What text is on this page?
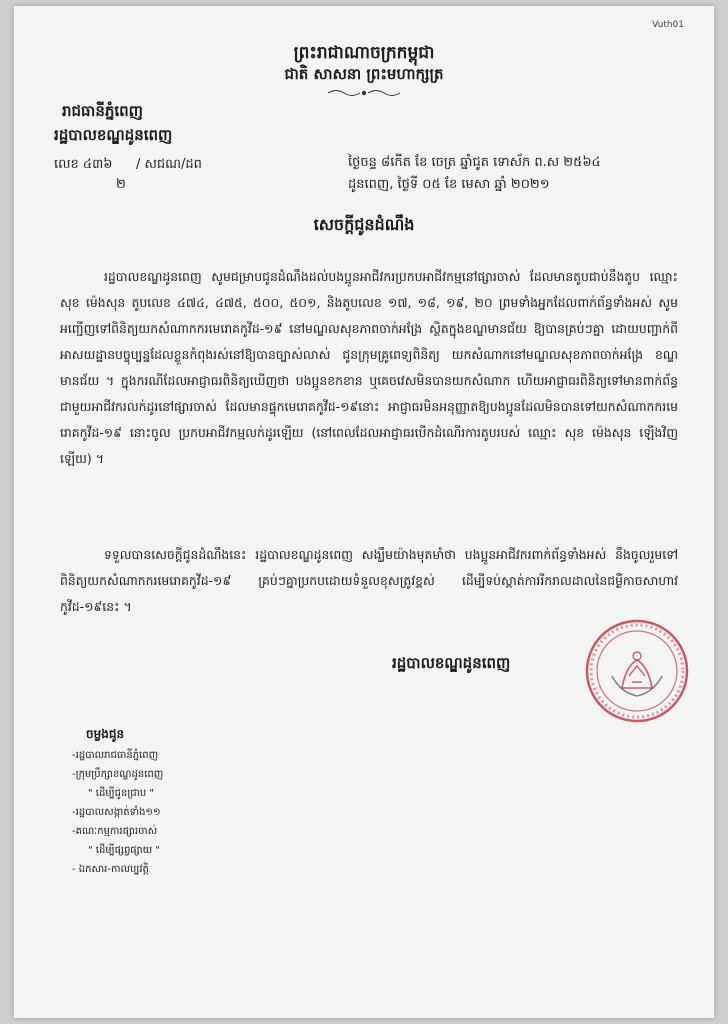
Vuth01
ព្រះរាជាណាចក្រកម្ពុជា
ជាតិ សាសនា ព្រះមហាក្សត្រ
រាជធានីភ្នំពេញ
រដ្ឋបាលខណ្ឌដូនពេញ
លេខ ៤៣៦ / សជណ/ដព
២
ថ្ងៃចន្ទ ៨កើត ខែ ចេត្រ ឆ្នាំជូត ទោស័ក ព.ស ២៥៦៤
ដូនពេញ, ថ្ងៃទី ០៥ ខែ មេសា ឆ្នាំ ២០២១
សេចក្ដីជូនដំណឹង
រដ្ឋបាលខណ្ឌដូនពេញ សូមជម្រាបជូនដំណឹងដល់បងប្អូនអាជីវករប្រកបអាជីវកម្មនៅផ្សារចាស់ ដែលមានតូបជាប់នឹងតូប ឈ្មោះ សុខ ម៉េងសុន តូបលេខ ៤៧៤, ៤៧៥, ៥០០, ៥០១, និងតូបលេខ ១៧, ១៨, ១៩, ២០ ព្រមទាំងអ្នកដែលពាក់ព័ន្ធទាំងអស់ សូមអញ្ជើញទៅពិនិត្យយកសំណាកករមេរោគកូវីដ-១៩ នៅមណ្ឌលសុខភាពចាក់អង្រែ ស្ថិតក្នុងខណ្ឌមានជ័យ ឱ្យបានគ្រប់ៗគ្នា ដោយបញ្ជាក់ពីអាសយដ្ឋានបច្ចុប្បន្នដែលខ្លួនកំពុងរស់នៅឱ្យបានច្បាស់លាស់ ជូនក្រុមគ្រូពេទ្យពិនិត្យ យកសំណាកនៅមណ្ឌលសុខភាពចាក់អង្រែ ខណ្ឌមានជ័យ ។ ក្នុងករណីដែលអាជ្ញាធរពិនិត្យឃើញថា បងប្អូនខកខាន ឬគេចវេសមិនបានយកសំណាក ហើយអាជ្ញាធរពិនិត្យទៅមានពាក់ព័ន្ធជាមួយអាជីវករលក់ដូរនៅផ្សារចាស់ ដែលមានផ្ទុកមេរោគកូវីដ-១៩នោះ អាជ្ញាធរមិនអនុញ្ញាតឱ្យបងប្អូនដែលមិនបានទៅយកសំណាកករមេរោគកូវីដ-១៩ នោះចូល ប្រកបអាជីវកម្មលក់ដូរឡើយ (នៅពេលដែលអាជ្ញាធរបើកដំណើរការតូបរបស់ ឈ្មោះ សុខ ម៉េងសុន ឡើងវិញឡើយ) ។
ទទួលបានសេចក្ដីជូនដំណឹងនេះ រដ្ឋបាលខណ្ឌដូនពេញ សង្ឃឹមយ៉ាងមុតមាំថា បងប្អូនអាជីវករពាក់ព័ន្ធទាំងអស់ នឹងចូលរួមទៅពិនិត្យយកសំណាកករមេរោគកូវីដ-១៩ គ្រប់ៗគ្នាប្រកបដោយទំនួលខុសត្រូវខ្ពស់ ដើម្បីទប់ស្កាត់ការរីករាលដាលនៃជម្ងឺកាចសាហាវ កូវីដ-១៩នេះ ។
រដ្ឋបាលខណ្ឌដូនពេញ
ចម្លងជូន
-រដ្ឋបាលរាជធានីភ្នំពេញ
-ក្រុមប្រឹក្សាខណ្ឌដូនពេញ
" ដើម្បីជូនជ្រាប "
-រដ្ឋបាលសង្កាត់ទាំង១១
-គណៈកម្មការផ្សារចាស់
" ដើម្បីផ្សព្វផ្សាយ "
- ឯកសារ-កាលប្បវត្តិ
